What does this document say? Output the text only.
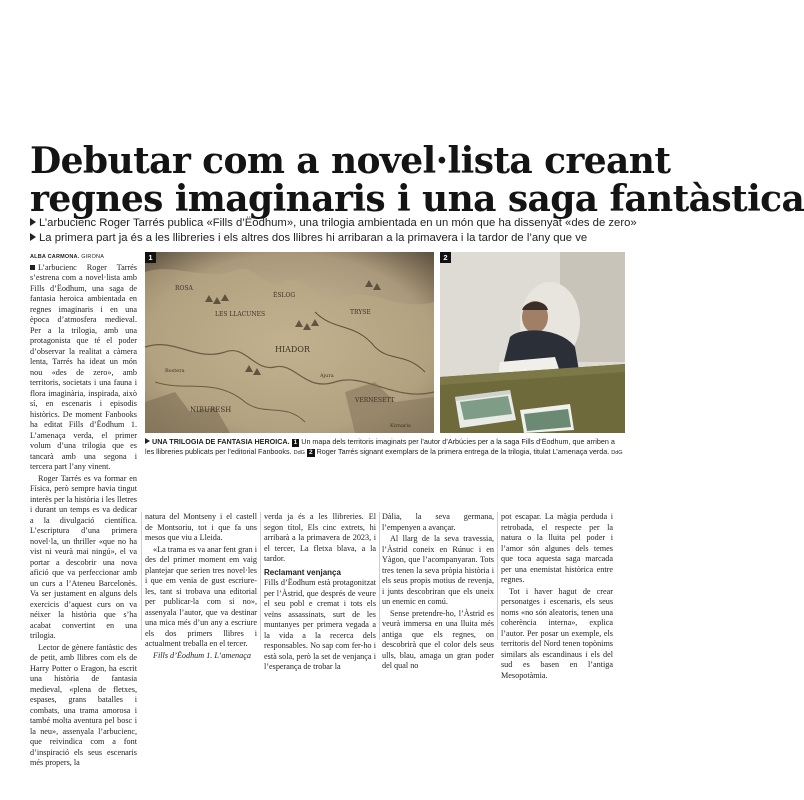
Debutar com a novel·lista creant
regnes imaginaris i una saga fantàstica
L’arbucienc Roger Tarrés publica «Fills d’Ëodhum», una trilogia ambientada en un món que ha dissenyat «des de zero»
La primera part ja és a les llibreries i els altres dos llibres hi arribaran a la primavera i la tardor de l’any que ve
ALBA CARMONA. GIRONA

L’arbucienc Roger Tarrés s’estrena com a novel·lista amb Fills d’Ëodhum, una saga de fantasia heroica ambientada en regnes imaginaris i en una època d’atmosfera medieval. Per a la trilogia, amb una protagonista que té el poder d’observar la realitat a càmera lenta, Tarrés ha ideat un món nou «des de zero», amb territoris, societats i una fauna i flora imaginària, inspirada, això sí, en escenaris i episodis històrics. De moment Fanbooks ha editat Fills d’Ëodhum 1. L’amenaça verda, el primer volum d’una trilogia que es tancarà amb una segona i tercera part l’any vinent.

Roger Tarrés es va formar en Física, però sempre havia tingut interès per la història i les lletres i durant un temps es va dedicar a la divulgació científica. L’escriptura d’una primera novel·la, un thriller «que no ha vist ni veurà mai ningú», el va portar a descobrir una nova afició que va perfeccionar amb un curs a l’Ateneu Barcelonès. Va ser justament en alguns dels exercicis d’aquest curs on va néixer la història que s’ha acabat convertint en una trilogia.

Lector de gènere fantàstic des de petit, amb llibres com els de Harry Potter o Eragon, ha escrit una història de fantasia medieval, «plena de fletxes, espases, grans batalles i combats, una trama amorosa i també molta aventura pel bosc i la neu», assenyala l’arbucienc, que reivindica com a font d’inspiració els seus escenaris més propers, la

ROSA
LES LLACUNES	TRYSE
ÈSLOG
HIADOR
NIBURESH
VERNESETT
Bostera
Kirnaria
Ajura
1	2
UNA TRILOGIA DE FANTASIA HEROICA. 1 Un mapa dels territoris imaginats per l’autor d’Arbúcies per a la saga Fills d’Ëodhum, que arriben a les llibreries publicats per l’editorial Fanbooks. DdG 2 Roger Tarrés signant exemplars de la primera entrega de la trilogia, titulat L’amenaça verda. DdG

natura del Montseny i el castell de Montsoriu, tot i que fa uns mesos que viu a Lleida.

«La trama es va anar fent gran i des del primer moment em vaig plantejar que serien tres novel·les i que em venia de gust escriure-les, tant si trobava una editorial per publicar-la com si no», assenyala l’autor, que va destinar una mica més d’un any a escriure els dos primers llibres i actualment treballa en el tercer.

Fills d’Ëodhum 1. L’amenaça

verda ja és a les llibreries. El segon títol, Els cinc extrets, hi arribarà a la primavera de 2023, i el tercer, La fletxa blava, a la tardor.

Reclamant venjança

Fills d’Ëodhum està protagonitzat per l’Àstrid, que després de veure el seu pobl e cremat i tots els veïns assassinats, surt de les muntanyes per primera vegada a la vida a la recerca dels responsables. No sap com fer-ho i està sola, però la set de venjança i l’esperança de trobar la

Dàlia, la seva germana, l’empenyen a avançar.

Al llarg de la seva travessia, l’Àstrid coneix en Rúnuc i en Yàgon, que l’acompanyaran. Tots tres tenen la seva pròpia història i els seus propis motius de revenja, i junts descobriran que els uneix un enemic en comú.

Sense pretendre-ho, l’Àstrid es veurà immersa en una lluita més antiga que els regnes, on descobrirà que el color dels seus ulls, blau, amaga un gran poder del qual no

pot escapar. La màgia perduda i retrobada, el respecte per la natura o la lluita pel poder i l’amor són algunes dels temes que toca aquesta saga marcada per una enemistat històrica entre regnes.

Tot i haver hagut de crear personatges i escenaris, els seus noms «no són aleatoris, tenen una coherència interna», explica l’autor. Per posar un exemple, els territoris del Nord tenen topònims similars als escandinaus i els del sud es basen en l’antiga Mesopotàmia.
